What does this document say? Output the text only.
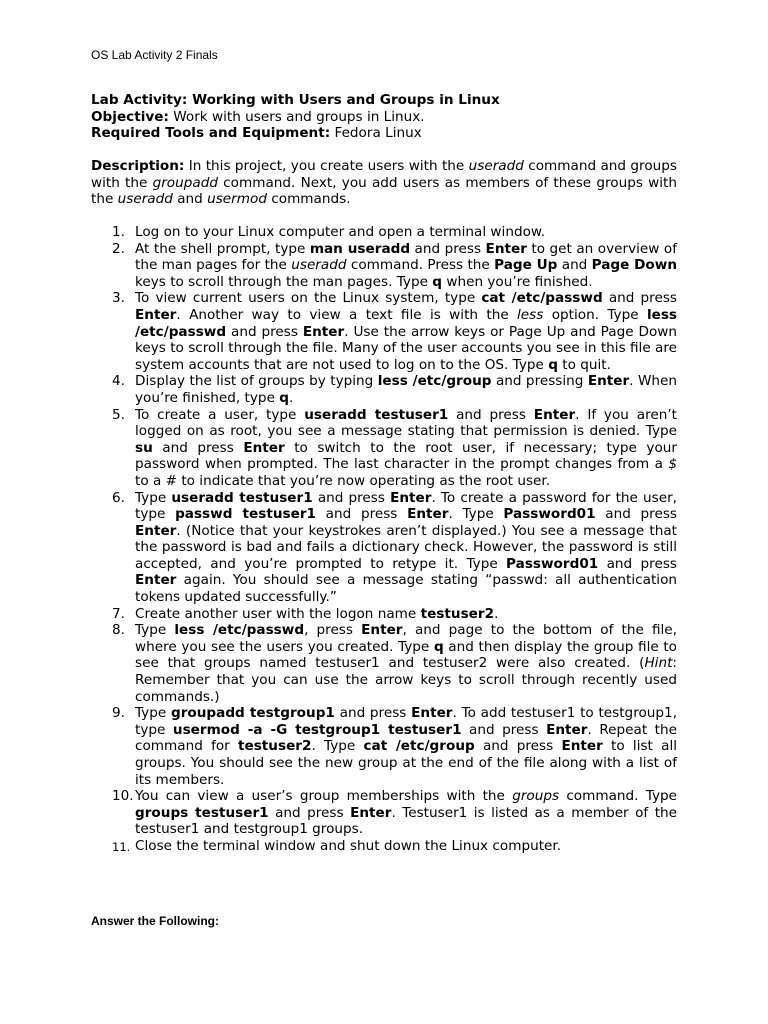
OS Lab Activity 2 Finals

Lab Activity: Working with Users and Groups in Linux

Objective: Work with users and groups in Linux.

Required Tools and Equipment: Fedora Linux

Description: In this project, you create users with the useradd command and groups with the groupadd command. Next, you add users as members of these groups with the useradd and usermod commands.

1. Log on to your Linux computer and open a terminal window.
2. At the shell prompt, type man useradd and press Enter to get an overview of the man pages for the useradd command. Press the Page Up and Page Down keys to scroll through the man pages. Type q when you’re finished.
3. To view current users on the Linux system, type cat /etc/passwd and press Enter. Another way to view a text file is with the less option. Type less /etc/passwd and press Enter. Use the arrow keys or Page Up and Page Down keys to scroll through the file. Many of the user accounts you see in this file are system accounts that are not used to log on to the OS. Type q to quit.
4. Display the list of groups by typing less /etc/group and pressing Enter. When you’re finished, type q.
5. To create a user, type useradd testuser1 and press Enter. If you aren’t logged on as root, you see a message stating that permission is denied. Type su and press Enter to switch to the root user, if necessary; type your password when prompted. The last character in the prompt changes from a $ to a # to indicate that you’re now operating as the root user.
6. Type useradd testuser1 and press Enter. To create a password for the user, type passwd testuser1 and press Enter. Type Password01 and press Enter. (Notice that your keystrokes aren’t displayed.) You see a message that the password is bad and fails a dictionary check. However, the password is still accepted, and you’re prompted to retype it. Type Password01 and press Enter again. You should see a message stating “passwd: all authentication tokens updated successfully.”
7. Create another user with the logon name testuser2.
8. Type less /etc/passwd, press Enter, and page to the bottom of the file, where you see the users you created. Type q and then display the group file to see that groups named testuser1 and testuser2 were also created. (Hint: Remember that you can use the arrow keys to scroll through recently used commands.)
9. Type groupadd testgroup1 and press Enter. To add testuser1 to testgroup1, type usermod -a -G testgroup1 testuser1 and press Enter. Repeat the command for testuser2. Type cat /etc/group and press Enter to list all groups. You should see the new group at the end of the file along with a list of its members.
10. You can view a user’s group memberships with the groups command. Type groups testuser1 and press Enter. Testuser1 is listed as a member of the testuser1 and testgroup1 groups.
11. Close the terminal window and shut down the Linux computer.
Answer the Following:
